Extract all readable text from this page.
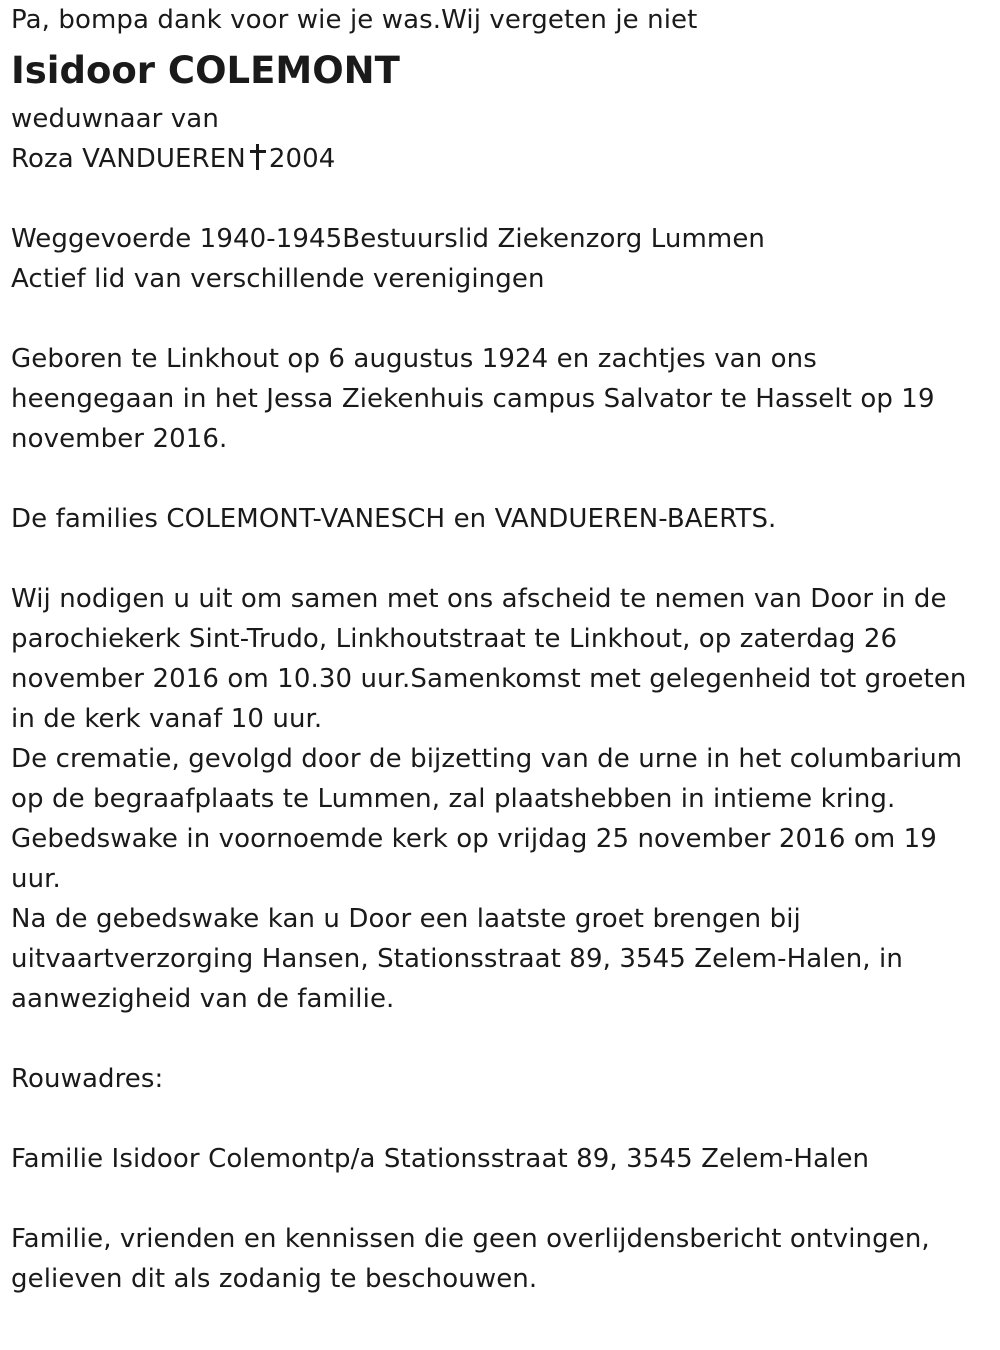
Pa, bompa dank voor wie je was.Wij vergeten je niet
Isidoor COLEMONT
weduwnaar van
Roza VANDUEREN 2004
Weggevoerde 1940-1945Bestuurslid Ziekenzorg Lummen
Actief lid van verschillende verenigingen
Geboren te Linkhout op 6 augustus 1924 en zachtjes van ons
heengegaan in het Jessa Ziekenhuis campus Salvator te Hasselt op 19
november 2016.
De families COLEMONT-VANESCH en VANDUEREN-BAERTS.
Wij nodigen u uit om samen met ons afscheid te nemen van Door in de
parochiekerk Sint-Trudo, Linkhoutstraat te Linkhout, op zaterdag 26
november 2016 om 10.30 uur.Samenkomst met gelegenheid tot groeten
in de kerk vanaf 10 uur.
De crematie, gevolgd door de bijzetting van de urne in het columbarium
op de begraafplaats te Lummen, zal plaatshebben in intieme kring.
Gebedswake in voornoemde kerk op vrijdag 25 november 2016 om 19
uur.
Na de gebedswake kan u Door een laatste groet brengen bij
uitvaartverzorging Hansen, Stationsstraat 89, 3545 Zelem-Halen, in
aanwezigheid van de familie.
Rouwadres:
Familie Isidoor Colemontp/a Stationsstraat 89, 3545 Zelem-Halen
Familie, vrienden en kennissen die geen overlijdensbericht ontvingen,
gelieven dit als zodanig te beschouwen.
